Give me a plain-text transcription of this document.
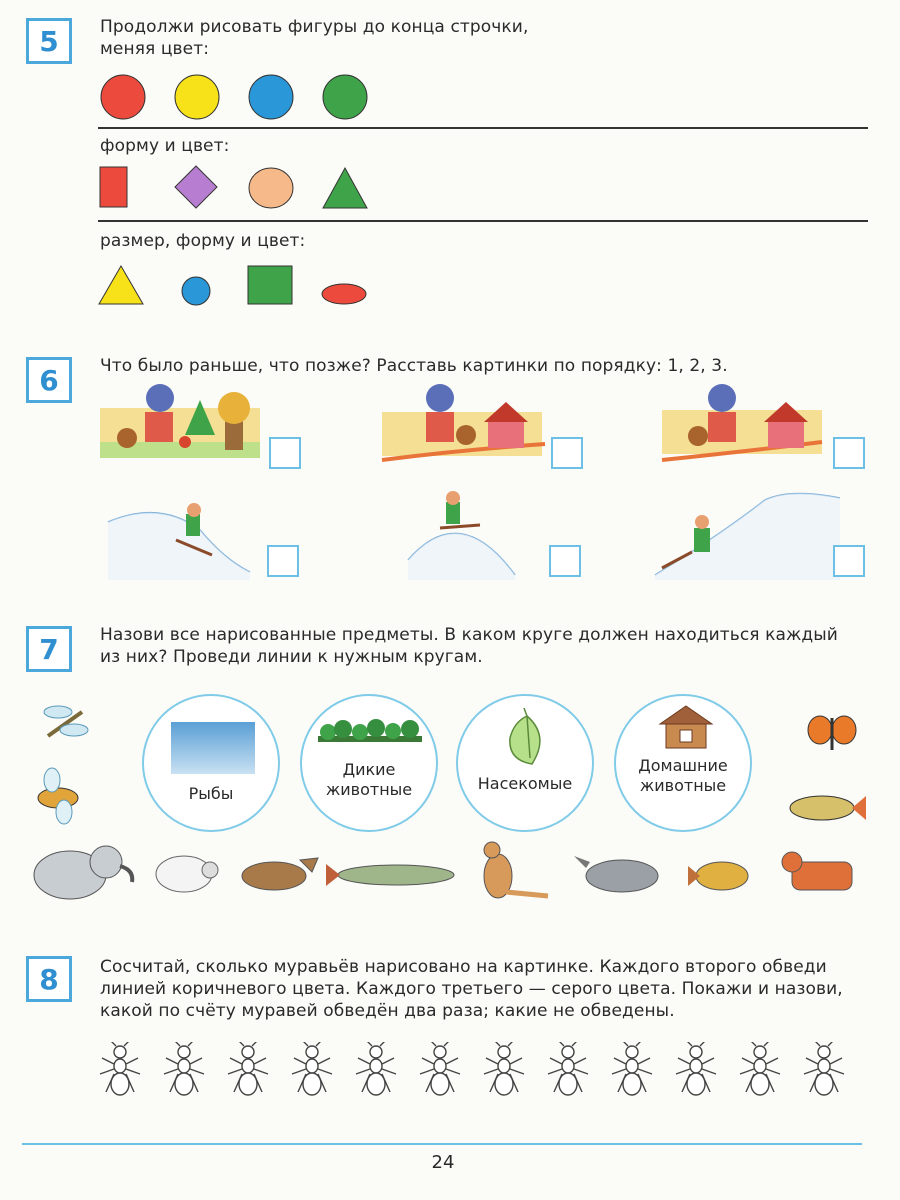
5	Продолжи рисовать фигуры до конца строчки,
меняя цвет:
форму и цвет:
размер, форму и цвет:
6	Что было раньше, что позже? Расставь картинки по порядку: 1, 2, 3.
7	Назови все нарисованные предметы. В каком круге должен находиться каждый
из них? Проведи линии к нужным кругам.
Рыбы
Дикие
животные	Насекомые
Домашние
животные
8	Сосчитай, сколько муравьёв нарисовано на картинке. Каждого второго обведи
линией коричневого цвета. Каждого третьего — серого цвета. Покажи и назови,
какой по счёту муравей обведён два раза; какие не обведены.
24
